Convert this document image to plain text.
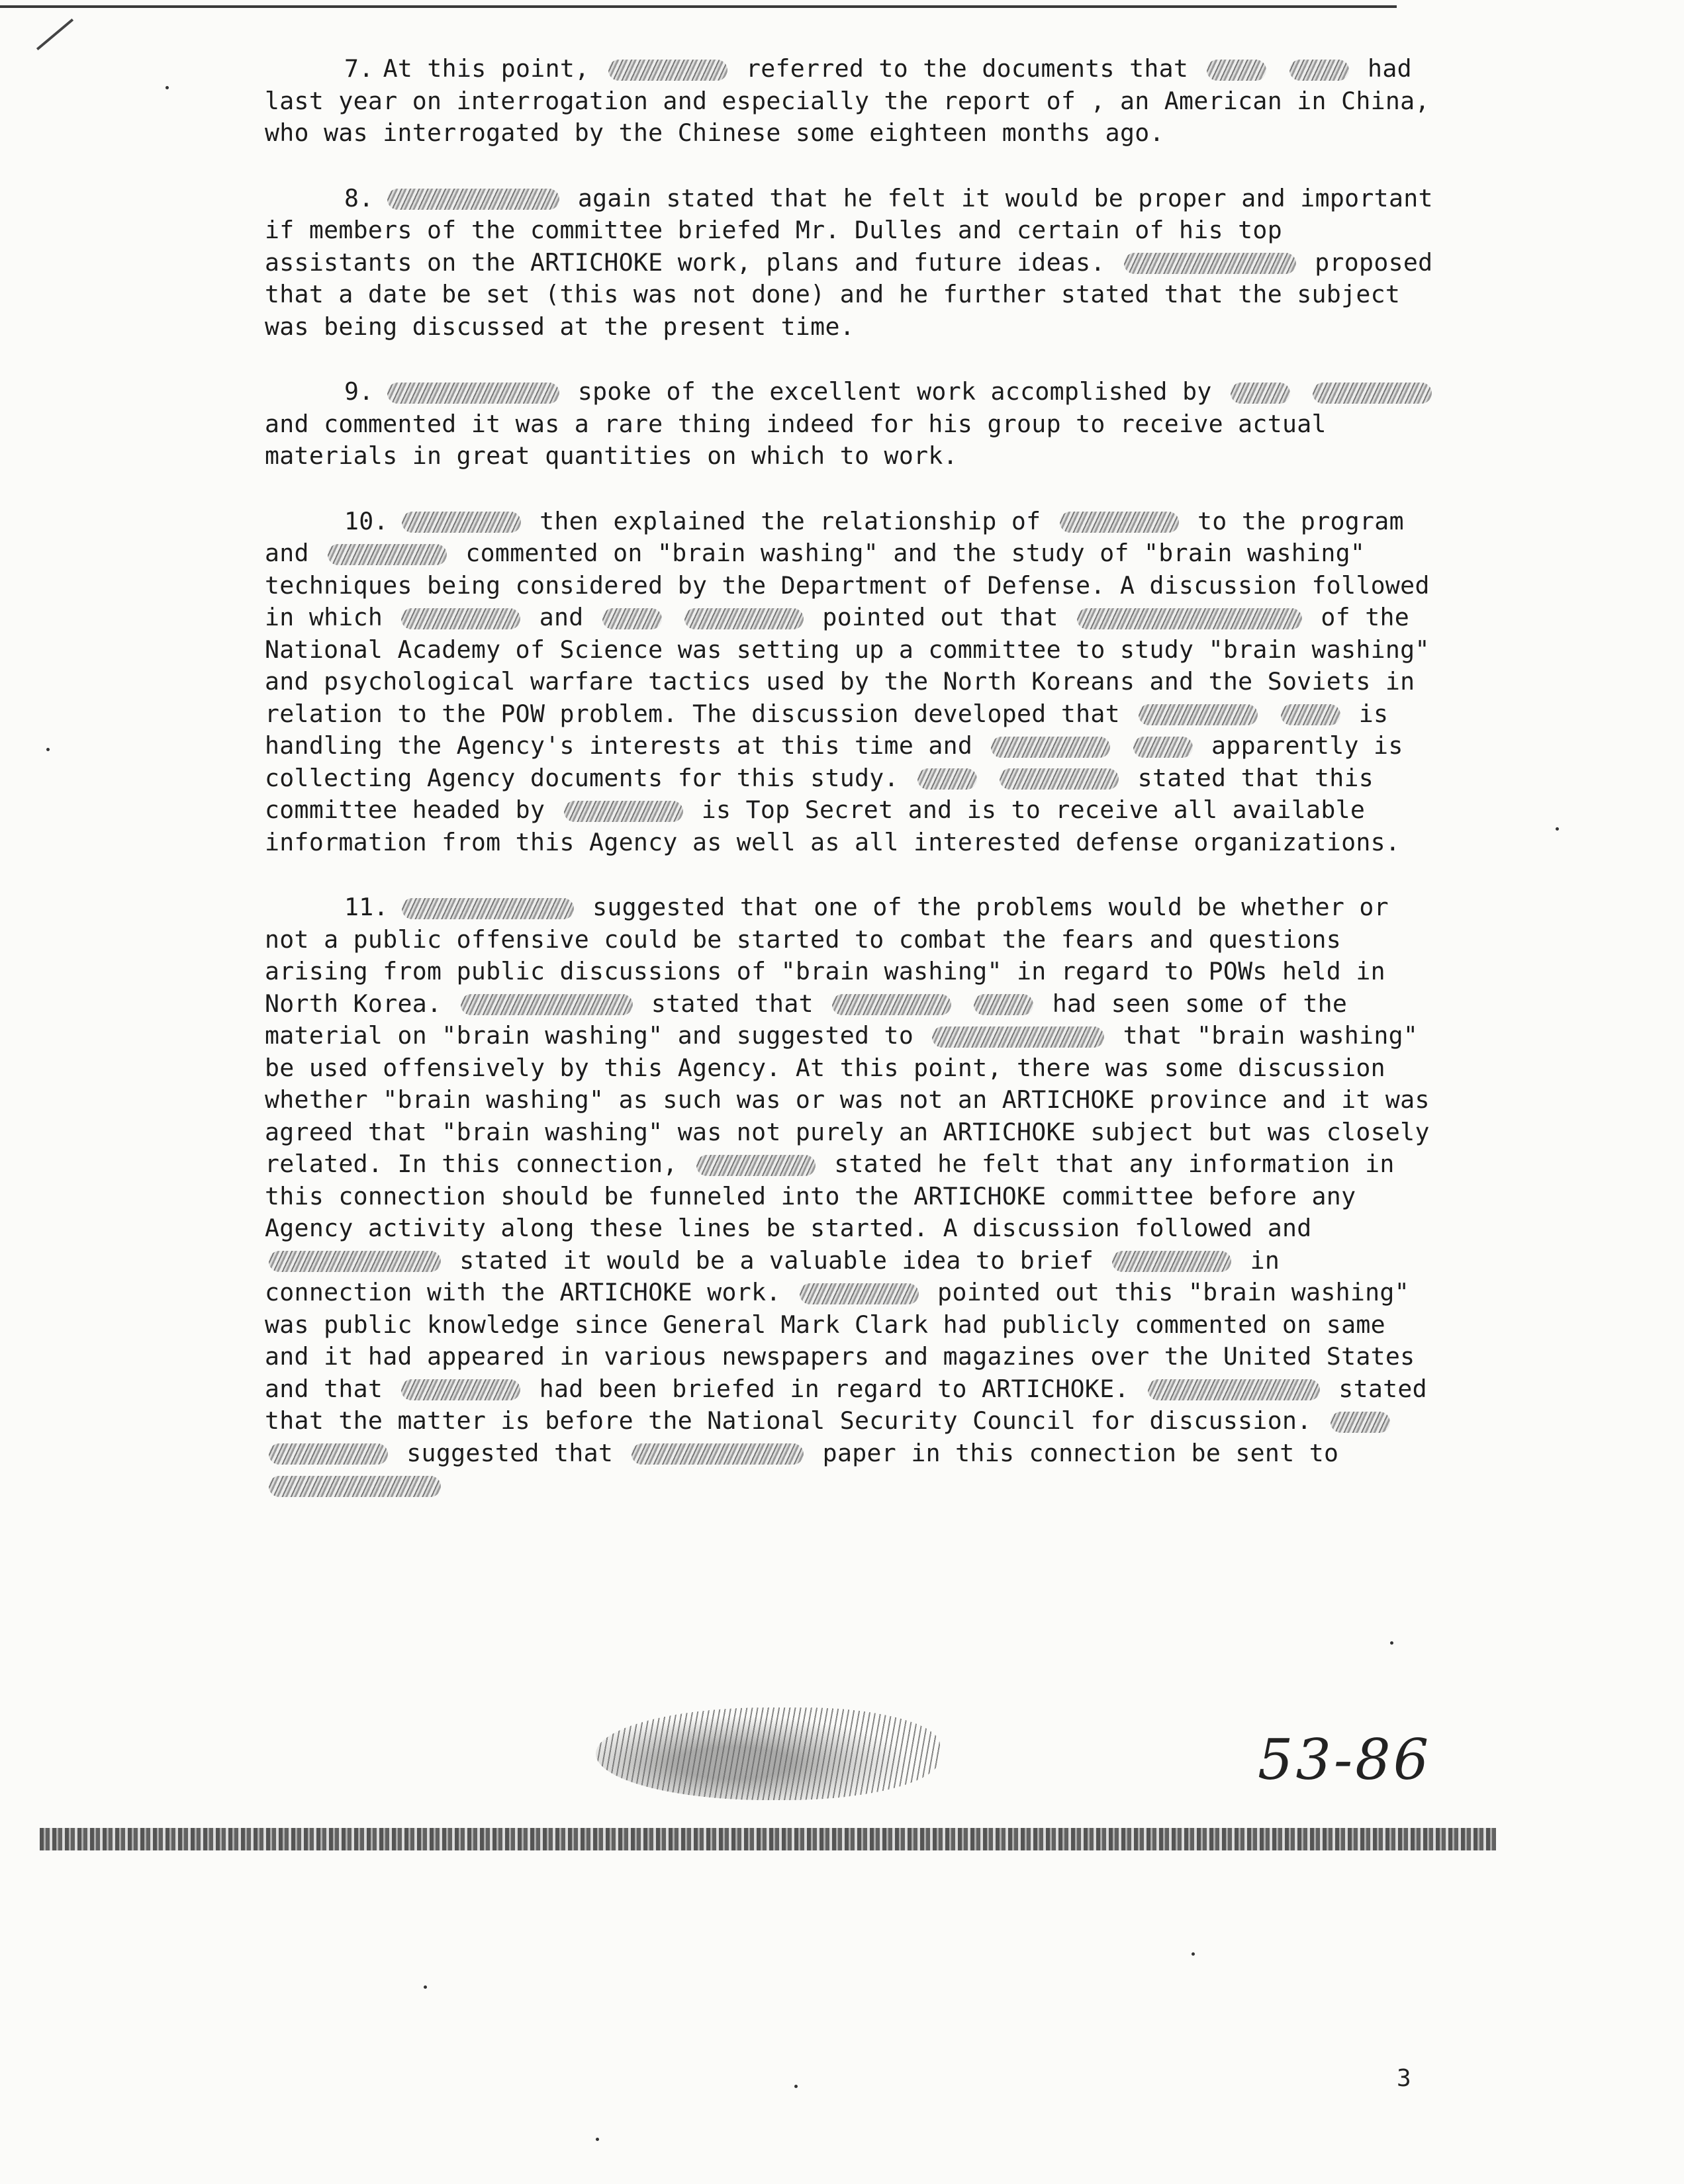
7. At this point,	referred to the documents that	had last year on interrogation and especially the report of , an American in China, who was interrogated by the Chinese some eighteen months ago.

8.	again stated that he felt it would be proper and important if members of the committee briefed Mr. Dulles and certain of his top assistants on the ARTICHOKE work, plans and future ideas.	proposed that a date be set (this was not done) and he further stated that the subject was being discussed at the present time.

9.	spoke of the excellent work accomplished by   and commented it was a rare thing indeed for his group to receive actual materials in great quantities on which to work.

10.	then explained the relationship of	to the program and	commented on "brain washing" and the study of "brain washing" techniques being considered by the Department of Defense. A discussion followed in which	and	pointed out that	of the National Academy of Science was setting up a committee to study "brain washing" and psychological warfare tactics used by the North Koreans and the Soviets in relation to the POW problem. The discussion developed that	is handling the Agency's interests at this time and	apparently is collecting Agency documents for this study.	stated that this committee headed by	is Top Secret and is to receive all available information from this Agency as well as all interested defense organizations.

11.	suggested that one of the problems would be whether or not a public offensive could be started to combat the fears and questions arising from public discussions of "brain washing" in regard to POWs held in North Korea.	stated that	had seen some of the material on "brain washing" and suggested to	that "brain washing" be used offensively by this Agency. At this point, there was some discussion whether "brain washing" as such was or was not an ARTICHOKE province and it was agreed that "brain washing" was not purely an ARTICHOKE subject but was closely related. In this connection,	stated he felt that any information in this connection should be funneled into the ARTICHOKE committee before any Agency activity along these lines be started. A discussion followed and  stated it would be a valuable idea to brief	in connection with the ARTICHOKE work.	pointed out this "brain washing" was public knowledge since General Mark Clark had publicly commented on same and it had appeared in various newspapers and magazines over the United States and that	had been briefed in regard to ARTICHOKE.	stated that the matter is before the National Security Council for discussion.   suggested that	paper in this connection be sent to

53-86
3
